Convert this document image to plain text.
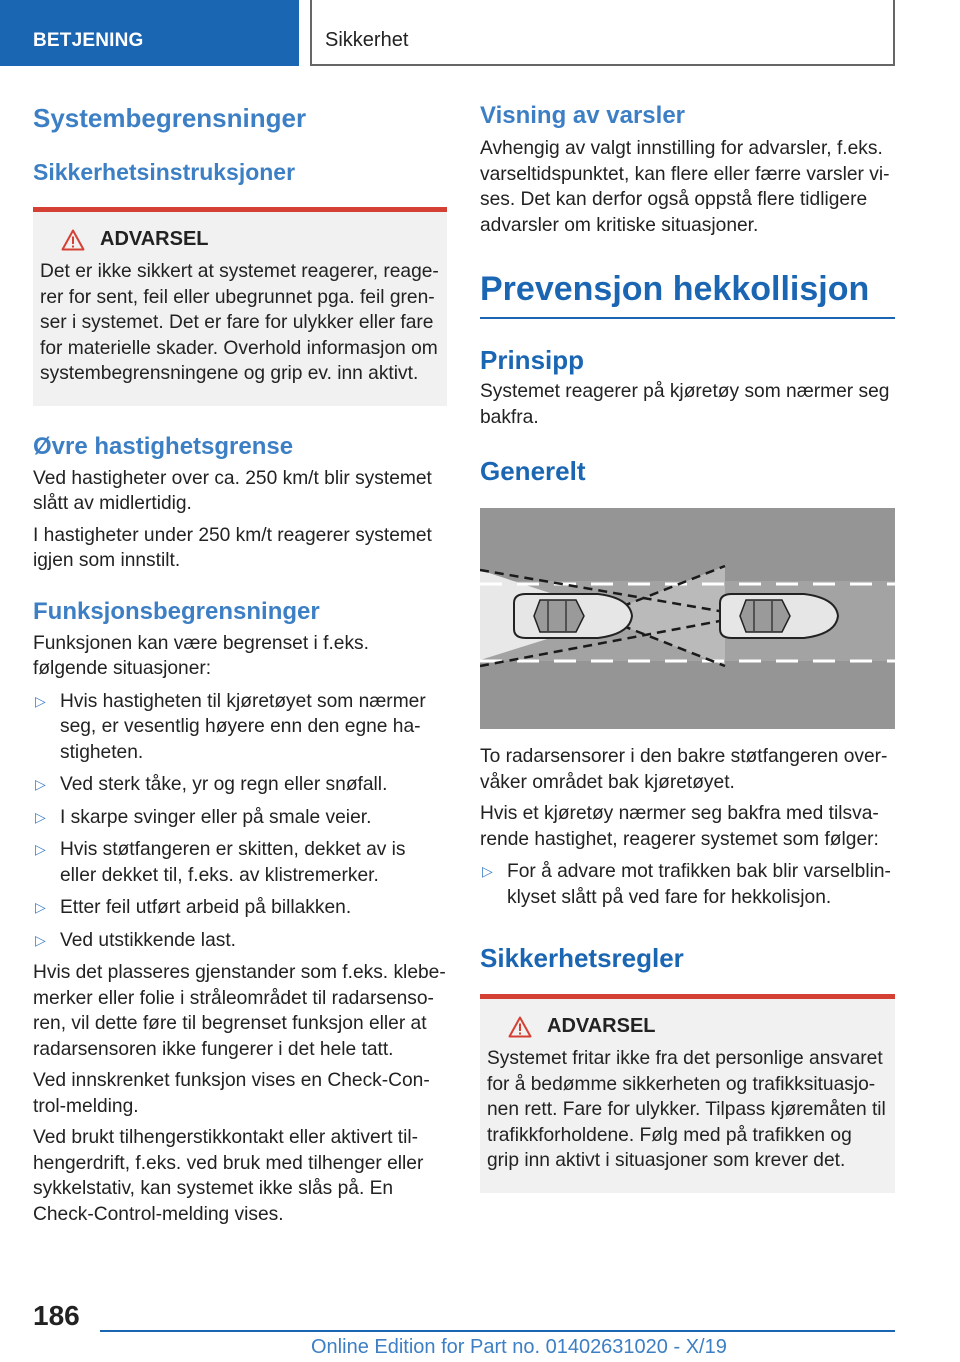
BETJENING	Sikkerhet
Systembegrensninger
Sikkerhetsinstruksjoner
ADVARSEL

Det er ikke sikkert at systemet reagerer, reage-rer for sent, feil eller ubegrunnet pga. feil gren-ser i systemet. Det er fare for ulykker eller fare for materielle skader. Overhold informasjon om systembegrensningene og grip ev. inn aktivt.

Øvre hastighetsgrense

Ved hastigheter over ca. 250 km/t blir systemet slått av midlertidig.

I hastigheter under 250 km/t reagerer systemet igjen som innstilt.

Funksjonsbegrensninger

Funksjonen kan være begrenset i f.eks. følgende situasjoner:

▷ Hvis hastigheten til kjøretøyet som nærmer seg, er vesentlig høyere enn den egne ha-stigheten.
▷ Ved sterk tåke, yr og regn eller snøfall.
▷ I skarpe svinger eller på smale veier.
▷ Hvis støtfangeren er skitten, dekket av is eller dekket til, f.eks. av klistremerker.
▷ Etter feil utført arbeid på billakken.
▷ Ved utstikkende last.

Hvis det plasseres gjenstander som f.eks. klebe-merker eller folie i stråleområdet til radarsenso-ren, vil dette føre til begrenset funksjon eller at radarsensoren ikke fungerer i det hele tatt.

Ved innskrenket funksjon vises en Check-Con-trol-melding.

Ved brukt tilhengerstikkontakt eller aktivert til-hengerdrift, f.eks. ved bruk med tilhenger eller sykkelstativ, kan systemet ikke slås på. En Check-Control-melding vises.

Visning av varsler

Avhengig av valgt innstilling for advarsler, f.eks. varseltidspunktet, kan flere eller færre varsler vi-ses. Det kan derfor også oppstå flere tidligere advarsler om kritiske situasjoner.

Prevensjon hekkollisjon
Prinsipp

Systemet reagerer på kjøretøy som nærmer seg bakfra.

Generelt

To radarsensorer i den bakre støtfangeren over-våker området bak kjøretøyet.

Hvis et kjøretøy nærmer seg bakfra med tilsva-rende hastighet, reagerer systemet som følger:

▷ For å advare mot trafikken bak blir varselblin-klyset slått på ved fare for hekkolisjon.
Sikkerhetsregler
ADVARSEL

Systemet fritar ikke fra det personlige ansvaret for å bedømme sikkerheten og trafikksituasjo-nen rett. Fare for ulykker. Tilpass kjøremåten til trafikkforholdene. Følg med på trafikken og grip inn aktivt i situasjoner som krever det.

186
Online Edition for Part no. 01402631020 - X/19
